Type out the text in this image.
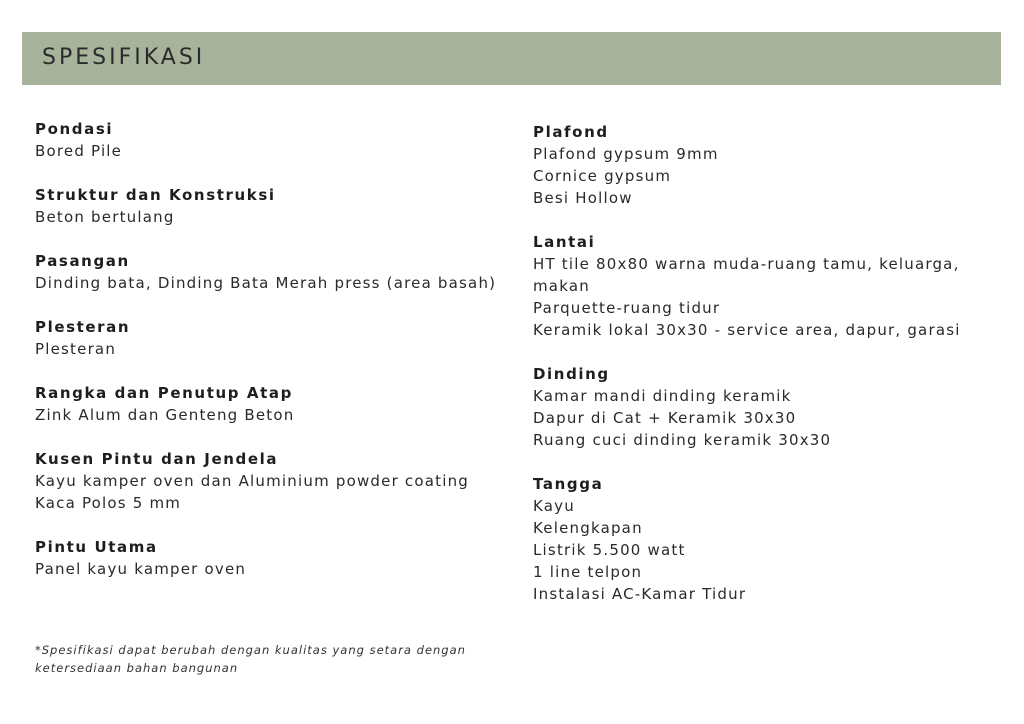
SPESIFIKASI
Pondasi
Bored Pile
Struktur dan Konstruksi
Beton bertulang
Pasangan
Dinding bata, Dinding Bata Merah press (area basah)
Plesteran
Plesteran
Rangka dan Penutup Atap
Zink Alum dan Genteng Beton
Kusen Pintu dan Jendela
Kayu kamper oven dan Aluminium powder coating
Kaca Polos 5 mm
Pintu Utama
Panel kayu kamper oven
Plafond
Plafond gypsum 9mm
Cornice gypsum
Besi Hollow
Lantai
HT tile 80x80 warna muda-ruang tamu, keluarga, makan
Parquette-ruang tidur
Keramik lokal 30x30 - service area, dapur, garasi
Dinding
Kamar mandi dinding keramik
Dapur di Cat + Keramik 30x30
Ruang cuci dinding keramik 30x30
Tangga
Kayu
Kelengkapan
Listrik 5.500 watt
1 line telpon
Instalasi AC-Kamar Tidur
*Spesifikasi dapat berubah dengan kualitas yang setara dengan ketersediaan bahan bangunan
